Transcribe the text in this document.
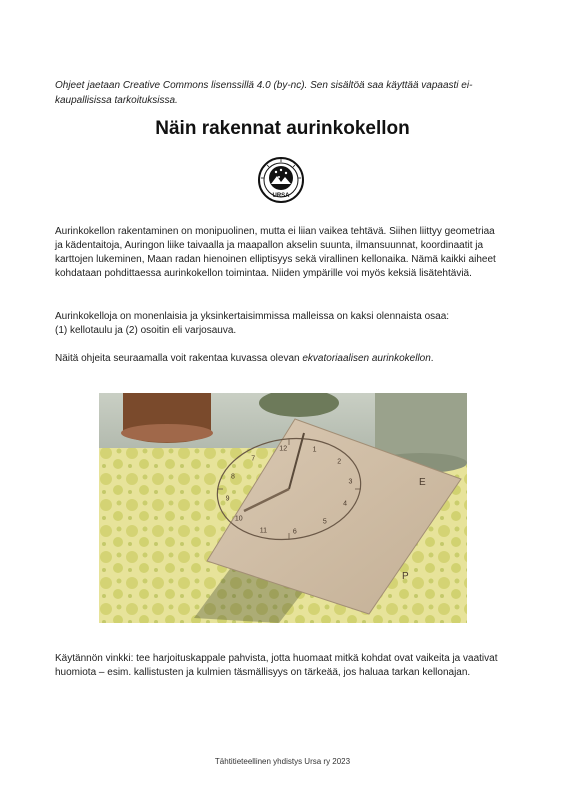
Ohjeet jaetaan Creative Commons lisenssillä 4.0 (by-nc). Sen sisältöä saa käyttää vapaasti ei-kaupallisissa tarkoituksissa.

Näin rakennat aurinkokellon
URSA

Aurinkokellon rakentaminen on monipuolinen, mutta ei liian vaikea tehtävä. Siihen liittyy geometriaa ja kädentaitoja, Auringon liike taivaalla ja maapallon akselin suunta, ilmansuunnat, koordinaatit ja karttojen lukeminen, Maan radan hienoinen elliptisyys sekä virallinen kellonaika. Nämä kaikki aiheet kohdataan pohdittaessa aurinkokellon toimintaa. Niiden ympärille voi myös keksiä lisätehtäviä.

Aurinkokelloja on monenlaisia ja yksinkertaisimmissa malleissa on kaksi olennaista osaa:
(1) kellotaulu ja (2) osoitin eli varjosauva.

Näitä ohjeita seuraamalla voit rakentaa kuvassa olevan ekvatoriaalisen aurinkokellon.

E
P
12	1
2
3
4
5
6
11
10
9
8
7

Käytännön vinkki: tee harjoituskappale pahvista, jotta huomaat mitkä kohdat ovat vaikeita ja vaativat huomiota – esim. kallistusten ja kulmien täsmällisyys on tärkeää, jos haluaa tarkan kellonajan.

Tähtitieteellinen yhdistys Ursa ry 2023
